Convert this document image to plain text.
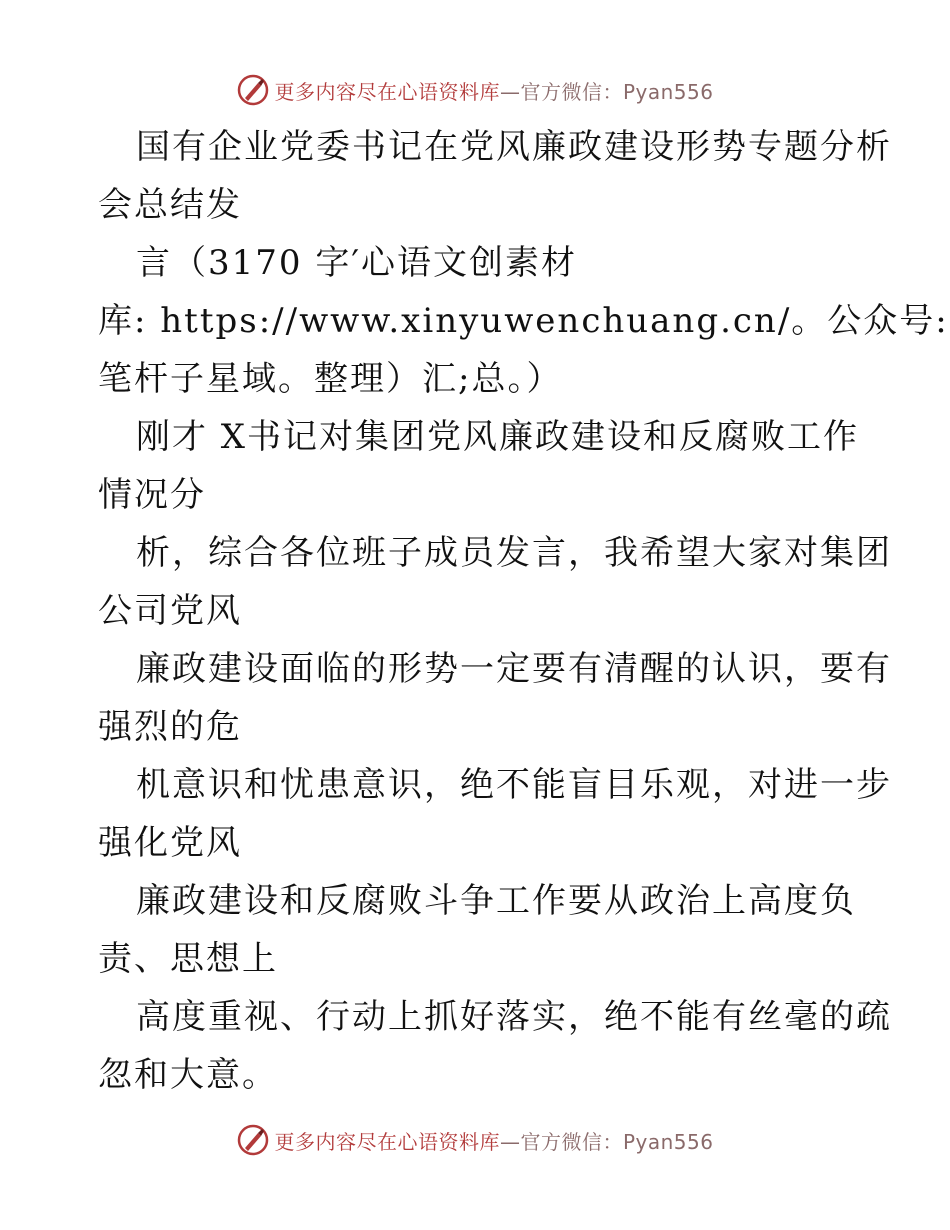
更多内容尽在心语资料库—官方微信：Pyan556

国有企业党委书记在党风廉政建设形势专题分析

会总结发

言（3170 字′心语文创素材

库: https://www.xinyuwenchuang.cn/。公众号:

笔杆子星域。整理）汇;总。）

刚才 X书记对集团党风廉政建设和反腐败工作

情况分

析，综合各位班子成员发言，我希望大家对集团

公司党风

廉政建设面临的形势一定要有清醒的认识，要有

强烈的危

机意识和忧患意识，绝不能盲目乐观，对进一步

强化党风

廉政建设和反腐败斗争工作要从政治上高度负

责、思想上

高度重视、行动上抓好落实，绝不能有丝毫的疏

忽和大意。

更多内容尽在心语资料库—官方微信：Pyan556
